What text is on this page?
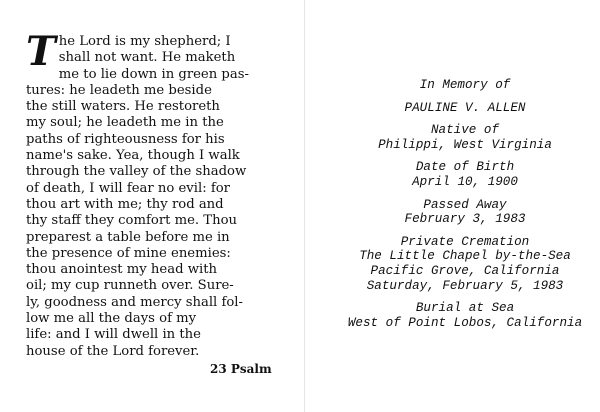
T he Lord is my shepherd; I
shall not want. He maketh
me to lie down in green pas-
tures: he leadeth me beside
the still waters. He restoreth
my soul; he leadeth me in the
paths of righteousness for his
name's sake. Yea, though I walk
through the valley of the shadow
of death, I will fear no evil: for
thou art with me; thy rod and
thy staff they comfort me. Thou
preparest a table before me in
the presence of mine enemies:
thou anointest my head with
oil; my cup runneth over. Sure-
ly, goodness and mercy shall fol-
low me all the days of my
life: and I will dwell in the
house of the Lord forever.
23 Psalm
In Memory of
PAULINE V. ALLEN
Native of
Philippi, West Virginia
Date of Birth
April 10, 1900
Passed Away
February 3, 1983
Private Cremation
The Little Chapel by-the-Sea
Pacific Grove, California
Saturday, February 5, 1983
Burial at Sea
West of Point Lobos, California
